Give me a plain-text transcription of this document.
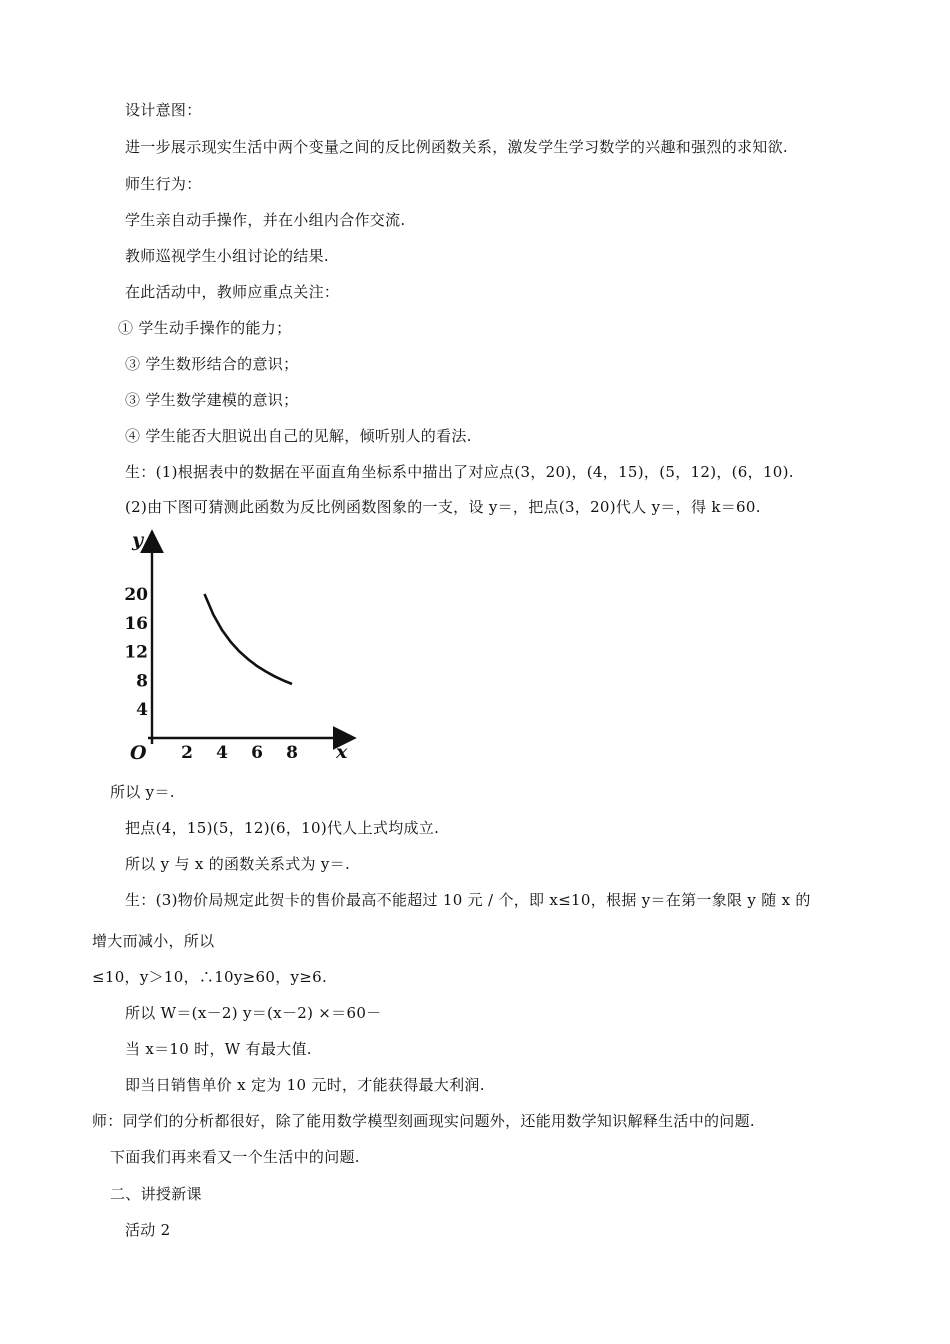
设计意图：
进一步展示现实生活中两个变量之间的反比例函数关系，激发学生学习数学的兴趣和强烈的求知欲.
师生行为：
学生亲自动手操作，并在小组内合作交流.
教师巡视学生小组讨论的结果.
在此活动中，教师应重点关注：
① 学生动手操作的能力；
③ 学生数形结合的意识；
③ 学生数学建模的意识；
④ 学生能否大胆说出自己的见解，倾听别人的看法.
生：(1)根据表中的数据在平面直角坐标系中描出了对应点(3，20)，(4，15)，(5，12)，(6，10).
(2)由下图可猜测此函数为反比例函数图象的一支，设 y＝，把点(3，20)代人 y＝，得 k＝60.
y
x
O 2 4 6 8
4
8
12
16
20
所以 y＝.
把点(4，15)(5，12)(6，10)代人上式均成立.
所以 y 与 x 的函数关系式为 y＝.
生：(3)物价局规定此贺卡的售价最高不能超过 10 元 / 个，即 x≤10，根据 y＝在第一象限 y 随 x 的
增大而减小，所以
≤10，y＞10，∴10y≥60，y≥6.
所以 W＝(x－2) y＝(x－2) ×＝60－
当 x＝10 时，W 有最大值.
即当日销售单价 x 定为 10 元时，才能获得最大利润.
师：同学们的分析都很好，除了能用数学模型刻画现实问题外，还能用数学知识解释生活中的问题.
下面我们再来看又一个生活中的问题.
二、讲授新课
活动 2
